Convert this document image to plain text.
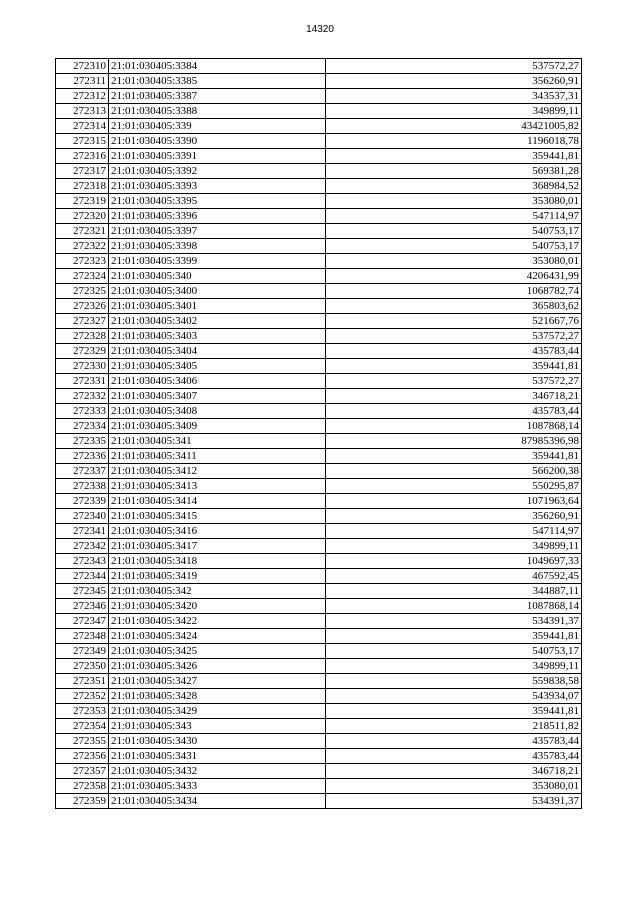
14320
272310	21:01:030405:3384	537572,27
272311	21:01:030405:3385	356260,91
272312	21:01:030405:3387	343537,31
272313	21:01:030405:3388	349899,11
272314	21:01:030405:339	43421005,82
272315	21:01:030405:3390	1196018,78
272316	21:01:030405:3391	359441,81
272317	21:01:030405:3392	569381,28
272318	21:01:030405:3393	368984,52
272319	21:01:030405:3395	353080,01
272320	21:01:030405:3396	547114,97
272321	21:01:030405:3397	540753,17
272322	21:01:030405:3398	540753,17
272323	21:01:030405:3399	353080,01
272324	21:01:030405:340	4206431,99
272325	21:01:030405:3400	1068782,74
272326	21:01:030405:3401	365803,62
272327	21:01:030405:3402	521667,76
272328	21:01:030405:3403	537572,27
272329	21:01:030405:3404	435783,44
272330	21:01:030405:3405	359441,81
272331	21:01:030405:3406	537572,27
272332	21:01:030405:3407	346718,21
272333	21:01:030405:3408	435783,44
272334	21:01:030405:3409	1087868,14
272335	21:01:030405:341	87985396,98
272336	21:01:030405:3411	359441,81
272337	21:01:030405:3412	566200,38
272338	21:01:030405:3413	550295,87
272339	21:01:030405:3414	1071963,64
272340	21:01:030405:3415	356260,91
272341	21:01:030405:3416	547114,97
272342	21:01:030405:3417	349899,11
272343	21:01:030405:3418	1049697,33
272344	21:01:030405:3419	467592,45
272345	21:01:030405:342	344887,11
272346	21:01:030405:3420	1087868,14
272347	21:01:030405:3422	534391,37
272348	21:01:030405:3424	359441,81
272349	21:01:030405:3425	540753,17
272350	21:01:030405:3426	349899,11
272351	21:01:030405:3427	559838,58
272352	21:01:030405:3428	543934,07
272353	21:01:030405:3429	359441,81
272354	21:01:030405:343	218511,82
272355	21:01:030405:3430	435783,44
272356	21:01:030405:3431	435783,44
272357	21:01:030405:3432	346718,21
272358	21:01:030405:3433	353080,01
272359	21:01:030405:3434	534391,37
